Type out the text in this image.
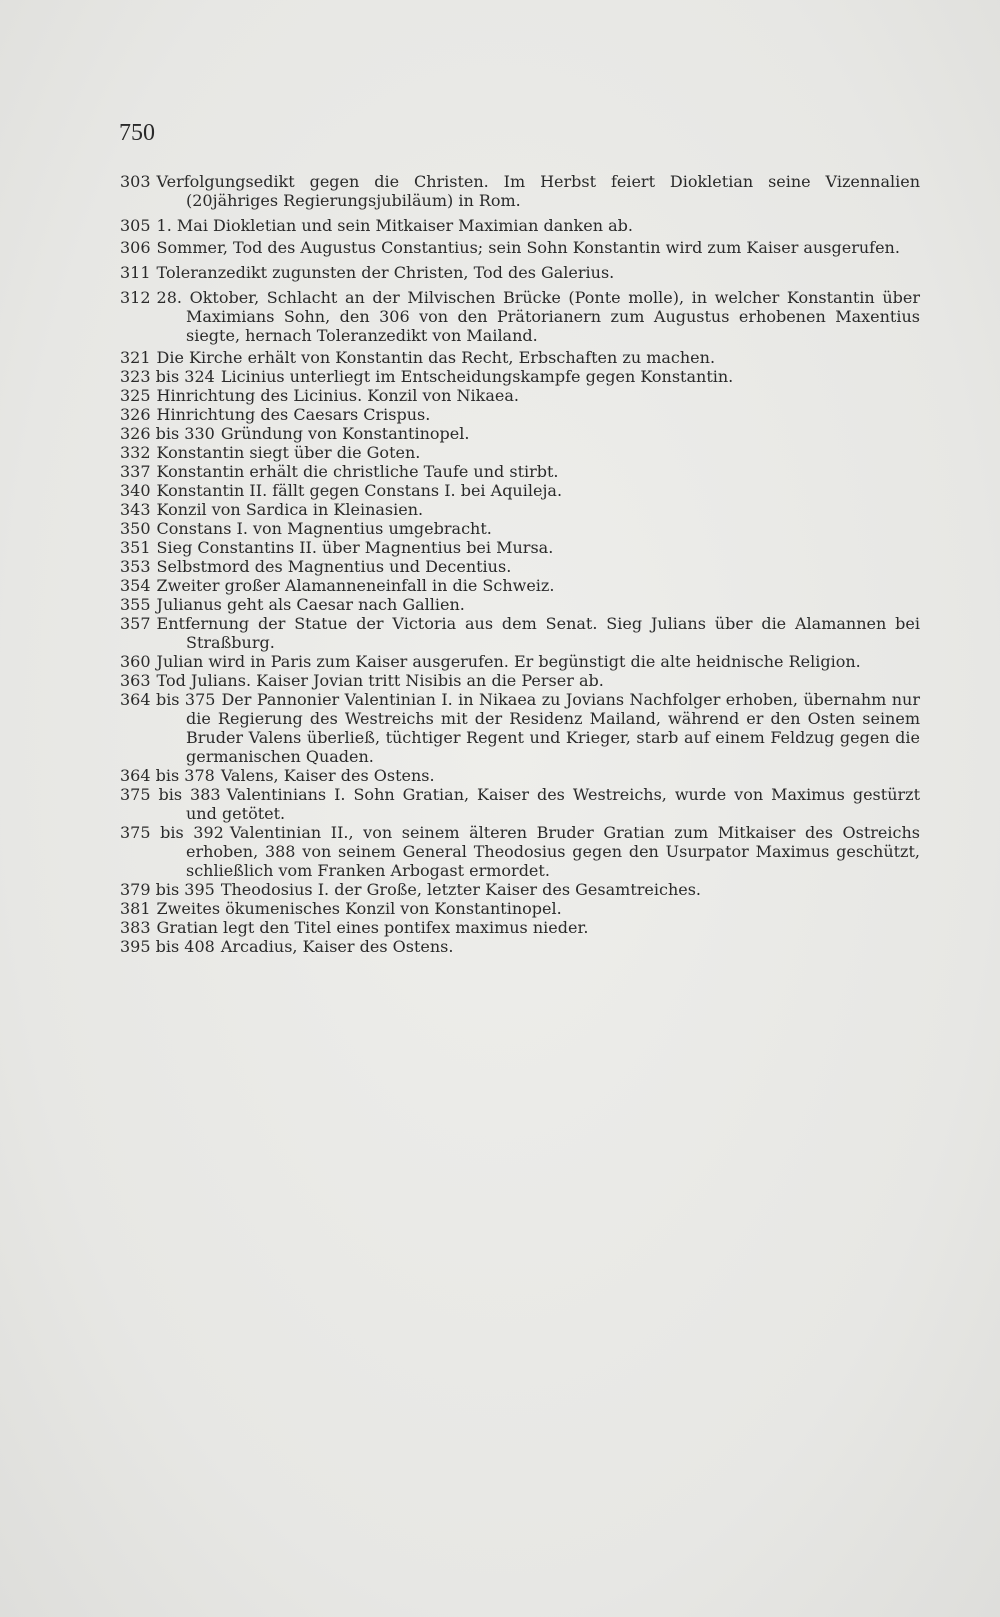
750
303 Verfolgungsedikt gegen die Christen. Im Herbst feiert Diokletian seine Vizennalien (20jähriges Regierungsjubiläum) in Rom.
305 1. Mai Diokletian und sein Mitkaiser Maximian danken ab.
306 Sommer, Tod des Augustus Constantius; sein Sohn Konstantin wird zum Kaiser ausgerufen.
311 Toleranzedikt zugunsten der Christen, Tod des Galerius.
312 28. Oktober, Schlacht an der Milvischen Brücke (Ponte molle), in welcher Konstantin über Maximians Sohn, den 306 von den Prätorianern zum Augustus erhobenen Maxentius siegte, hernach Toleranzedikt von Mailand.
321 Die Kirche erhält von Konstantin das Recht, Erbschaften zu machen.
323 bis 324 Licinius unterliegt im Entscheidungskampfe gegen Konstantin.
325 Hinrichtung des Licinius. Konzil von Nikaea.
326 Hinrichtung des Caesars Crispus.
326 bis 330 Gründung von Konstantinopel.
332 Konstantin siegt über die Goten.
337 Konstantin erhält die christliche Taufe und stirbt.
340 Konstantin II. fällt gegen Constans I. bei Aquileja.
343 Konzil von Sardica in Kleinasien.
350 Constans I. von Magnentius umgebracht.
351 Sieg Constantins II. über Magnentius bei Mursa.
353 Selbstmord des Magnentius und Decentius.
354 Zweiter großer Alamanneneinfall in die Schweiz.
355 Julianus geht als Caesar nach Gallien.
357 Entfernung der Statue der Victoria aus dem Senat. Sieg Julians über die Alamannen bei Straßburg.
360 Julian wird in Paris zum Kaiser ausgerufen. Er begünstigt die alte heidnische Religion.
363 Tod Julians. Kaiser Jovian tritt Nisibis an die Perser ab.
364 bis 375 Der Pannonier Valentinian I. in Nikaea zu Jovians Nachfolger erhoben, übernahm nur die Regierung des Westreichs mit der Residenz Mailand, während er den Osten seinem Bruder Valens überließ, tüchtiger Regent und Krieger, starb auf einem Feldzug gegen die germanischen Quaden.
364 bis 378 Valens, Kaiser des Ostens.
375 bis 383 Valentinians I. Sohn Gratian, Kaiser des Westreichs, wurde von Maximus gestürzt und getötet.
375 bis 392 Valentinian II., von seinem älteren Bruder Gratian zum Mitkaiser des Ostreichs erhoben, 388 von seinem General Theodosius gegen den Usurpator Maximus geschützt, schließlich vom Franken Arbogast ermordet.
379 bis 395 Theodosius I. der Große, letzter Kaiser des Gesamtreiches.
381 Zweites ökumenisches Konzil von Konstantinopel.
383 Gratian legt den Titel eines pontifex maximus nieder.
395 bis 408 Arcadius, Kaiser des Ostens.
